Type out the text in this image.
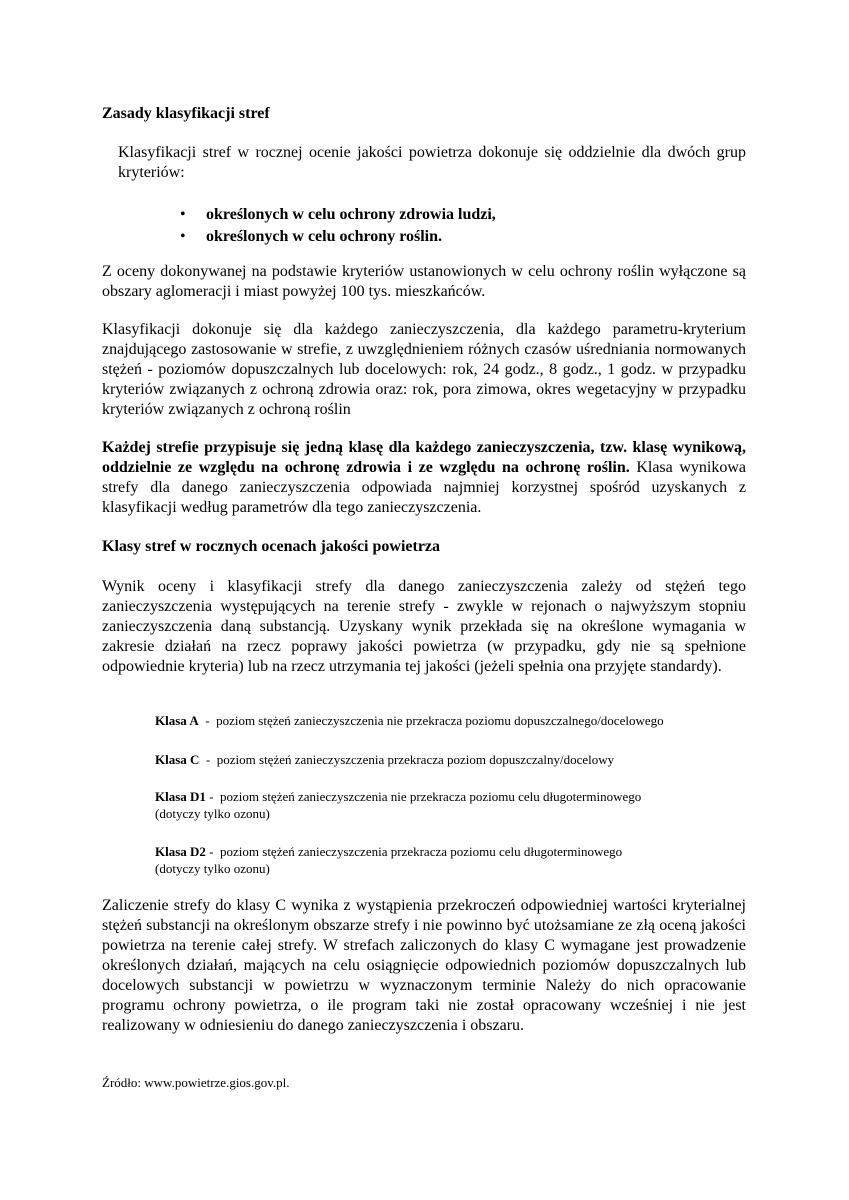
Zasady klasyfikacji stref

Klasyfikacji stref w rocznej ocenie jakości powietrza dokonuje się oddzielnie dla dwóch grup kryteriów:

• określonych w celu ochrony zdrowia ludzi,
• określonych w celu ochrony roślin.

Z oceny dokonywanej na podstawie kryteriów ustanowionych w celu ochrony roślin wyłączone są obszary aglomeracji i miast powyżej 100 tys. mieszkańców.

Klasyfikacji dokonuje się dla każdego zanieczyszczenia, dla każdego parametru-kryterium znajdującego zastosowanie w strefie, z uwzględnieniem różnych czasów uśredniania normowanych stężeń - poziomów dopuszczalnych lub docelowych: rok, 24 godz., 8 godz., 1 godz. w przypadku kryteriów związanych z ochroną zdrowia oraz: rok, pora zimowa, okres wegetacyjny w przypadku kryteriów związanych z ochroną roślin

Każdej strefie przypisuje się jedną klasę dla każdego zanieczyszczenia, tzw. klasę wynikową, oddzielnie ze względu na ochronę zdrowia i ze względu na ochronę roślin. Klasa wynikowa strefy dla danego zanieczyszczenia odpowiada najmniej korzystnej spośród uzyskanych z klasyfikacji według parametrów dla tego zanieczyszczenia.

Klasy stref w rocznych ocenach jakości powietrza

Wynik oceny i klasyfikacji strefy dla danego zanieczyszczenia zależy od stężeń tego zanieczyszczenia występujących na terenie strefy - zwykle w rejonach o najwyższym stopniu zanieczyszczenia daną substancją. Uzyskany wynik przekłada się na określone wymagania w zakresie działań na rzecz poprawy jakości powietrza (w przypadku, gdy nie są spełnione odpowiednie kryteria) lub na rzecz utrzymania tej jakości (jeżeli spełnia ona przyjęte standardy).

Klasa A  -  poziom stężeń zanieczyszczenia nie przekracza poziomu dopuszczalnego/docelowego

Klasa C  -  poziom stężeń zanieczyszczenia przekracza poziom dopuszczalny/docelowy

Klasa D1 -  poziom stężeń zanieczyszczenia nie przekracza poziomu celu długoterminowego
(dotyczy tylko ozonu)

Klasa D2 -  poziom stężeń zanieczyszczenia przekracza poziomu celu długoterminowego
(dotyczy tylko ozonu)

Zaliczenie strefy do klasy C wynika z wystąpienia przekroczeń odpowiedniej wartości kryterialnej stężeń substancji na określonym obszarze strefy i nie powinno być utożsamiane ze złą oceną jakości powietrza na terenie całej strefy. W strefach zaliczonych do klasy C wymagane jest prowadzenie określonych działań, mających na celu osiągnięcie odpowiednich poziomów dopuszczalnych lub docelowych substancji w powietrzu w wyznaczonym terminie Należy do nich opracowanie programu ochrony powietrza, o ile program taki nie został opracowany wcześniej i nie jest realizowany w odniesieniu do danego zanieczyszczenia i obszaru.

Źródło: www.powietrze.gios.gov.pl.
